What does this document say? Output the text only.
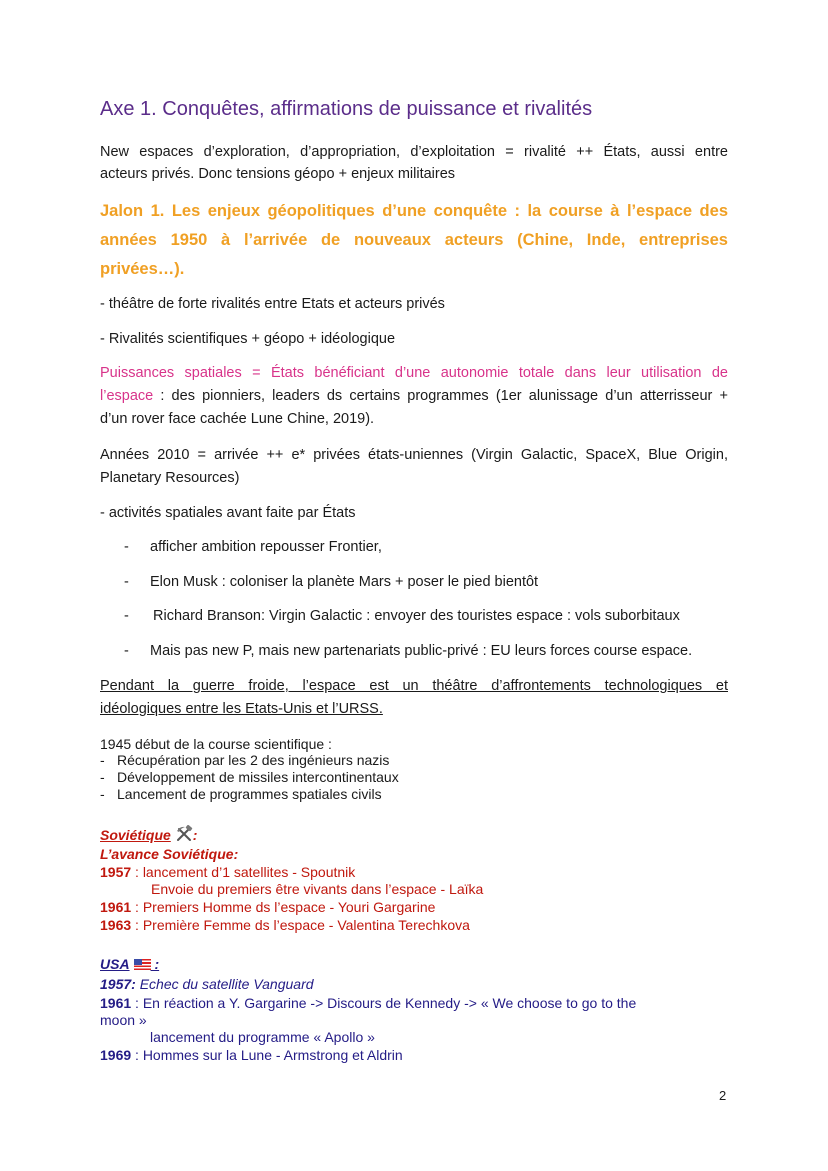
Axe 1. Conquêtes, affirmations de puissance et rivalités
New espaces d’exploration, d’appropriation, d’exploitation = rivalité ++ États, aussi entre
acteurs privés. Donc tensions géopo + enjeux militaires
Jalon 1. Les enjeux géopolitiques d’une conquête : la course à l’espace des
années 1950 à l’arrivée de nouveaux acteurs (Chine, Inde, entreprises
privées…).
- théâtre de forte rivalités entre Etats et acteurs privés
- Rivalités scientifiques + géopo + idéologique
Puissances spatiales = États bénéficiant d’une autonomie totale dans leur utilisation de
l’espace : des pionniers, leaders ds certains programmes (1er alunissage d’un atterrisseur +
d’un rover face cachée Lune Chine, 2019).
Années 2010 = arrivée ++ e* privées états-uniennes (Virgin Galactic, SpaceX, Blue Origin,
Planetary Resources)
- activités spatiales avant faite par États
- afficher ambition repousser Frontier,
- Elon Musk : coloniser la planète Mars + poser le pied bientôt
- Richard Branson: Virgin Galactic : envoyer des touristes espace : vols suborbitaux
- Mais pas new P, mais new partenariats public-privé : EU leurs forces course espace.
Pendant la guerre froide, l’espace est un théâtre d’affrontements technologiques et
idéologiques entre les Etats-Unis et l’URSS.
1945 début de la course scientifique :
- Récupération par les 2 des ingénieurs nazis
- Développement de missiles intercontinentaux
- Lancement de programmes spatiales civils
Soviétique :
L’avance Soviétique:
1957 : lancement d’1 satellites - Spoutnik
Envoie du premiers être vivants dans l’espace - Laïka
1961 : Premiers Homme ds l’espace - Youri Gargarine
1963 : Première Femme ds l’espace - Valentina Terechkova
USA :
1957: Echec du satellite Vanguard
1961 : En réaction a Y. Gargarine -> Discours de Kennedy -> « We choose to go to the
moon »
lancement du programme « Apollo »
1969 : Hommes sur la Lune - Armstrong et Aldrin
2
